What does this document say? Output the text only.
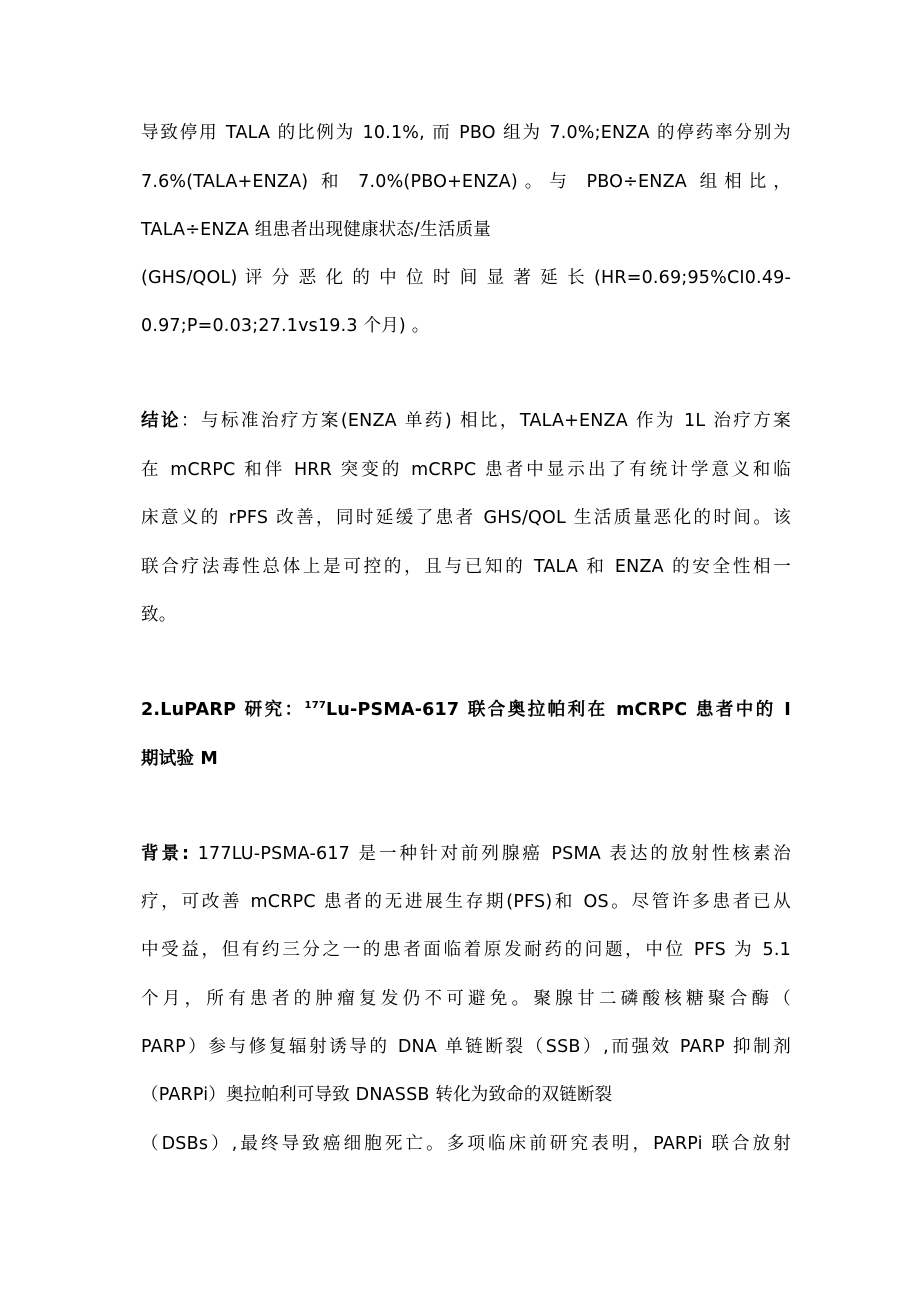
导致停用 TALA 的比例为 10.1%, 而 PBO 组为 7.0%;ENZA 的停药率分别为
7.6%(TALA+ENZA) 和 7.0%(PBO+ENZA)。与 PBO÷ENZA 组相比，
TALA÷ENZA 组患者出现健康状态/生活质量
(GHS/QOL) 评 分 恶 化 的 中 位 时 间 显 著 延 长 (HR=0.69;95%CI0.49-
0.97;P=0.03;27.1vs19.3 个月) 。
结论：与标准治疗方案(ENZA 单药) 相比，TALA+ENZA 作为 1L 治疗方案
在 mCRPC 和伴 HRR 突变的 mCRPC 患者中显示出了有统计学意义和临
床意义的 rPFS 改善，同时延缓了患者 GHS/QOL 生活质量恶化的时间。该
联合疗法毒性总体上是可控的，且与已知的 TALA 和 ENZA 的安全性相一
致。
2.LuPARP 研究：$^{177}$Lu-PSMA-617 联合奥拉帕利在 mCRPC 患者中的 I
期试验 M
背景: 177LU-PSMA-617 是一种针对前列腺癌 PSMA 表达的放射性核素治
疗，可改善 mCRPC 患者的无进展生存期(PFS)和 OS。尽管许多患者已从
中受益，但有约三分之一的患者面临着原发耐药的问题，中位 PFS 为 5.1
个月，所有患者的肿瘤复发仍不可避免。聚腺甘二磷酸核糖聚合酶（
PARP）参与修复辐射诱导的 DNA 单链断裂（SSB）,而强效 PARP 抑制剂
（PARPi）奥拉帕利可导致 DNASSB 转化为致命的双链断裂
（DSBs）,最终导致癌细胞死亡。多项临床前研究表明，PARPi 联合放射
